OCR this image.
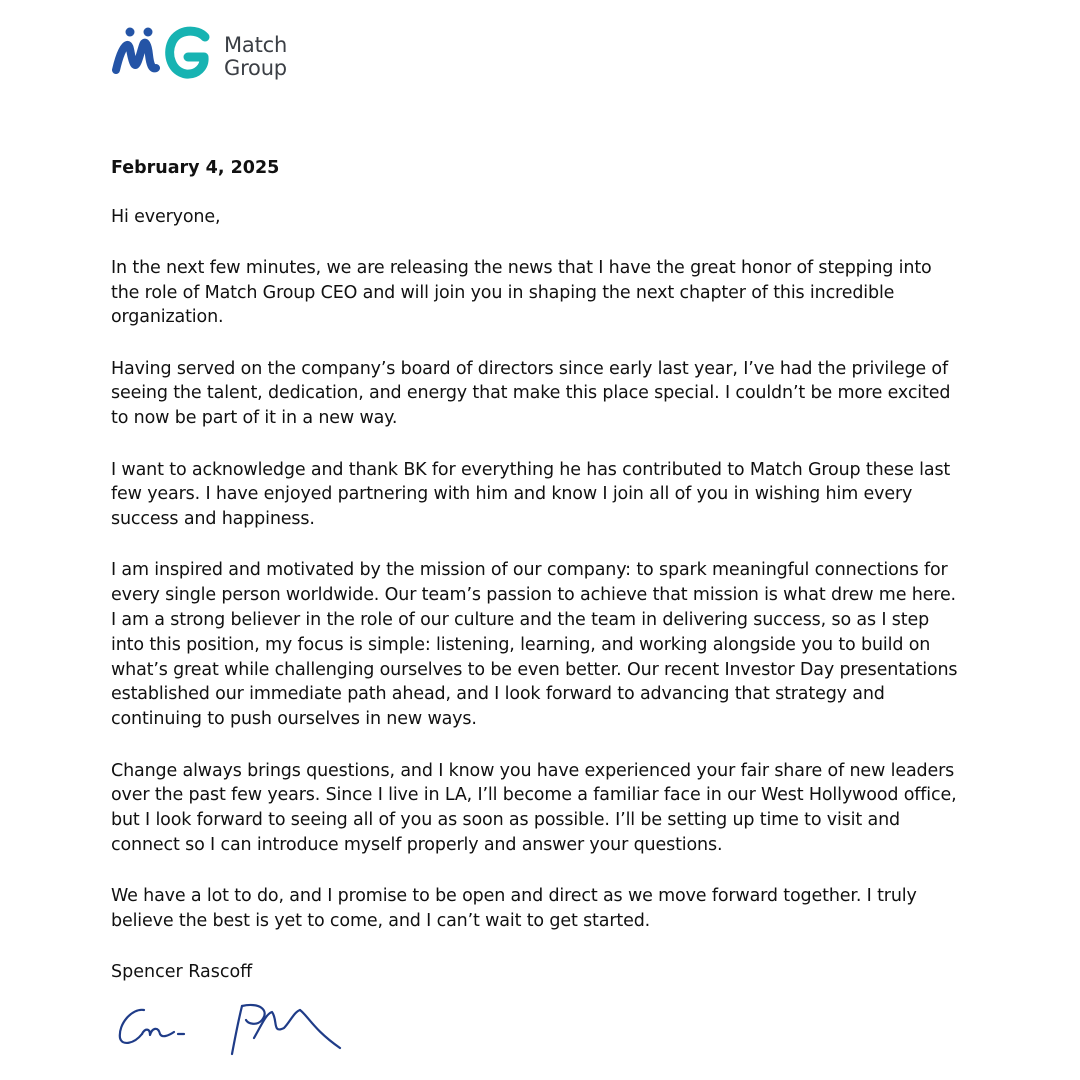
Match
Group
February 4, 2025

Hi everyone,

In the next few minutes, we are releasing the news that I have the great honor of stepping into the role of Match Group CEO and will join you in shaping the next chapter of this incredible organization.

Having served on the company’s board of directors since early last year, I’ve had the privilege of seeing the talent, dedication, and energy that make this place special. I couldn’t be more excited to now be part of it in a new way.

I want to acknowledge and thank BK for everything he has contributed to Match Group these last few years. I have enjoyed partnering with him and know I join all of you in wishing him every success and happiness.

I am inspired and motivated by the mission of our company: to spark meaningful connections for every single person worldwide. Our team’s passion to achieve that mission is what drew me here. I am a strong believer in the role of our culture and the team in delivering success, so as I step into this position, my focus is simple: listening, learning, and working alongside you to build on what’s great while challenging ourselves to be even better. Our recent Investor Day presentations established our immediate path ahead, and I look forward to advancing that strategy and continuing to push ourselves in new ways.

Change always brings questions, and I know you have experienced your fair share of new leaders over the past few years. Since I live in LA, I’ll become a familiar face in our West Hollywood office, but I look forward to seeing all of you as soon as possible. I’ll be setting up time to visit and connect so I can introduce myself properly and answer your questions.

We have a lot to do, and I promise to be open and direct as we move forward together. I truly believe the best is yet to come, and I can’t wait to get started.

Spencer Rascoff
